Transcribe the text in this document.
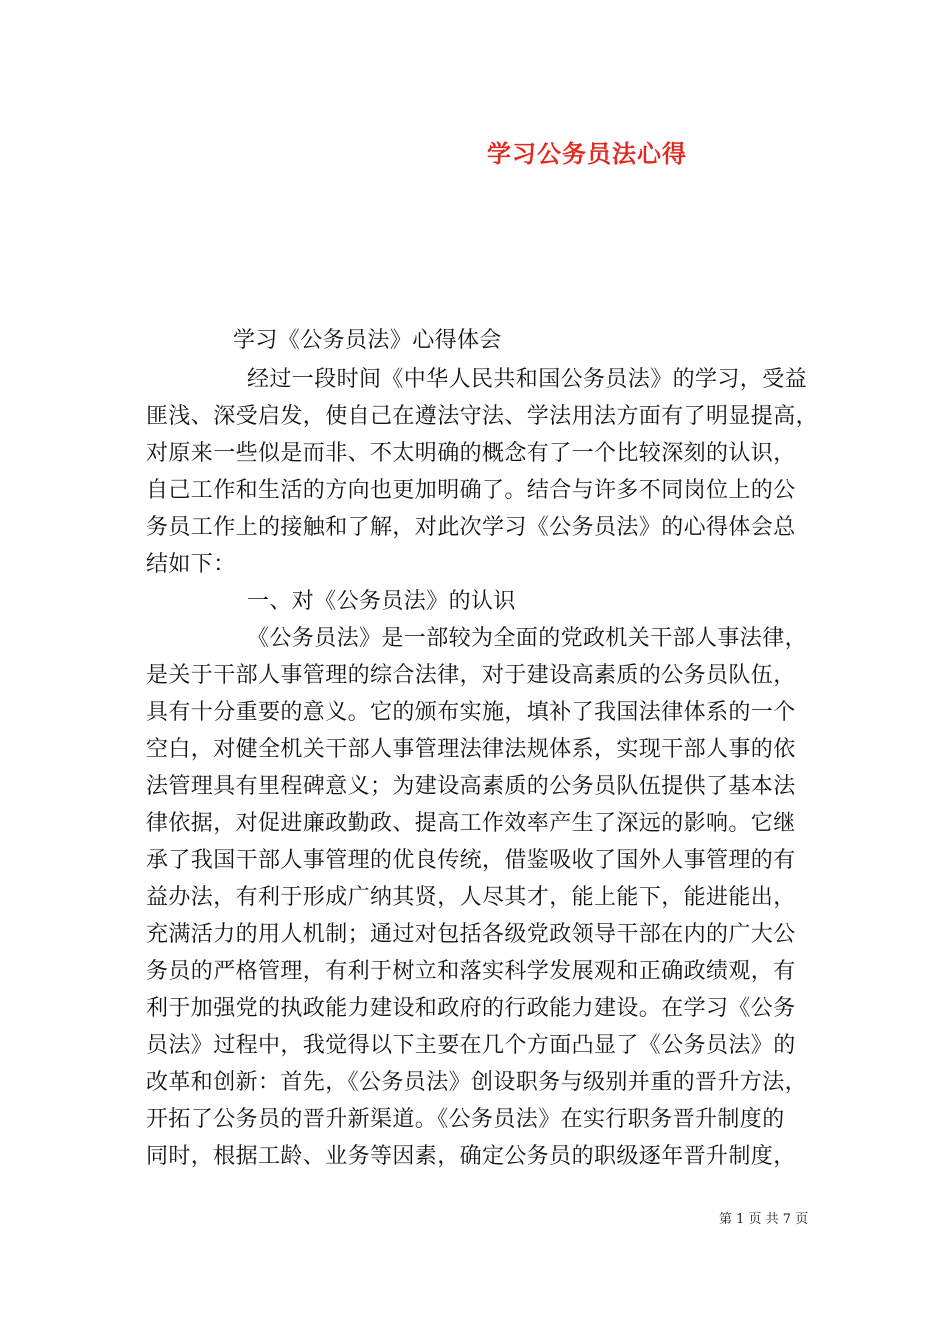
学习公务员法心得
学习《公务员法》心得体会
经过一段时间《中华人民共和国公务员法》的学习，受益
匪浅、深受启发，使自己在遵法守法、学法用法方面有了明显提高，
对原来一些似是而非、不太明确的概念有了一个比较深刻的认识，
自己工作和生活的方向也更加明确了。结合与许多不同岗位上的公
务员工作上的接触和了解，对此次学习《公务员法》的心得体会总
结如下：
一、对《公务员法》的认识
《公务员法》是一部较为全面的党政机关干部人事法律，
是关于干部人事管理的综合法律，对于建设高素质的公务员队伍，
具有十分重要的意义。它的颁布实施，填补了我国法律体系的一个
空白，对健全机关干部人事管理法律法规体系，实现干部人事的依
法管理具有里程碑意义；为建设高素质的公务员队伍提供了基本法
律依据，对促进廉政勤政、提高工作效率产生了深远的影响。它继
承了我国干部人事管理的优良传统，借鉴吸收了国外人事管理的有
益办法，有利于形成广纳其贤，人尽其才，能上能下，能进能出，
充满活力的用人机制；通过对包括各级党政领导干部在内的广大公
务员的严格管理，有利于树立和落实科学发展观和正确政绩观，有
利于加强党的执政能力建设和政府的行政能力建设。在学习《公务
员法》过程中，我觉得以下主要在几个方面凸显了《公务员法》的
改革和创新：首先，《公务员法》创设职务与级别并重的晋升方法，
开拓了公务员的晋升新渠道。《公务员法》在实行职务晋升制度的
同时，根据工龄、业务等因素，确定公务员的职级逐年晋升制度，
第 1 页 共 7 页
